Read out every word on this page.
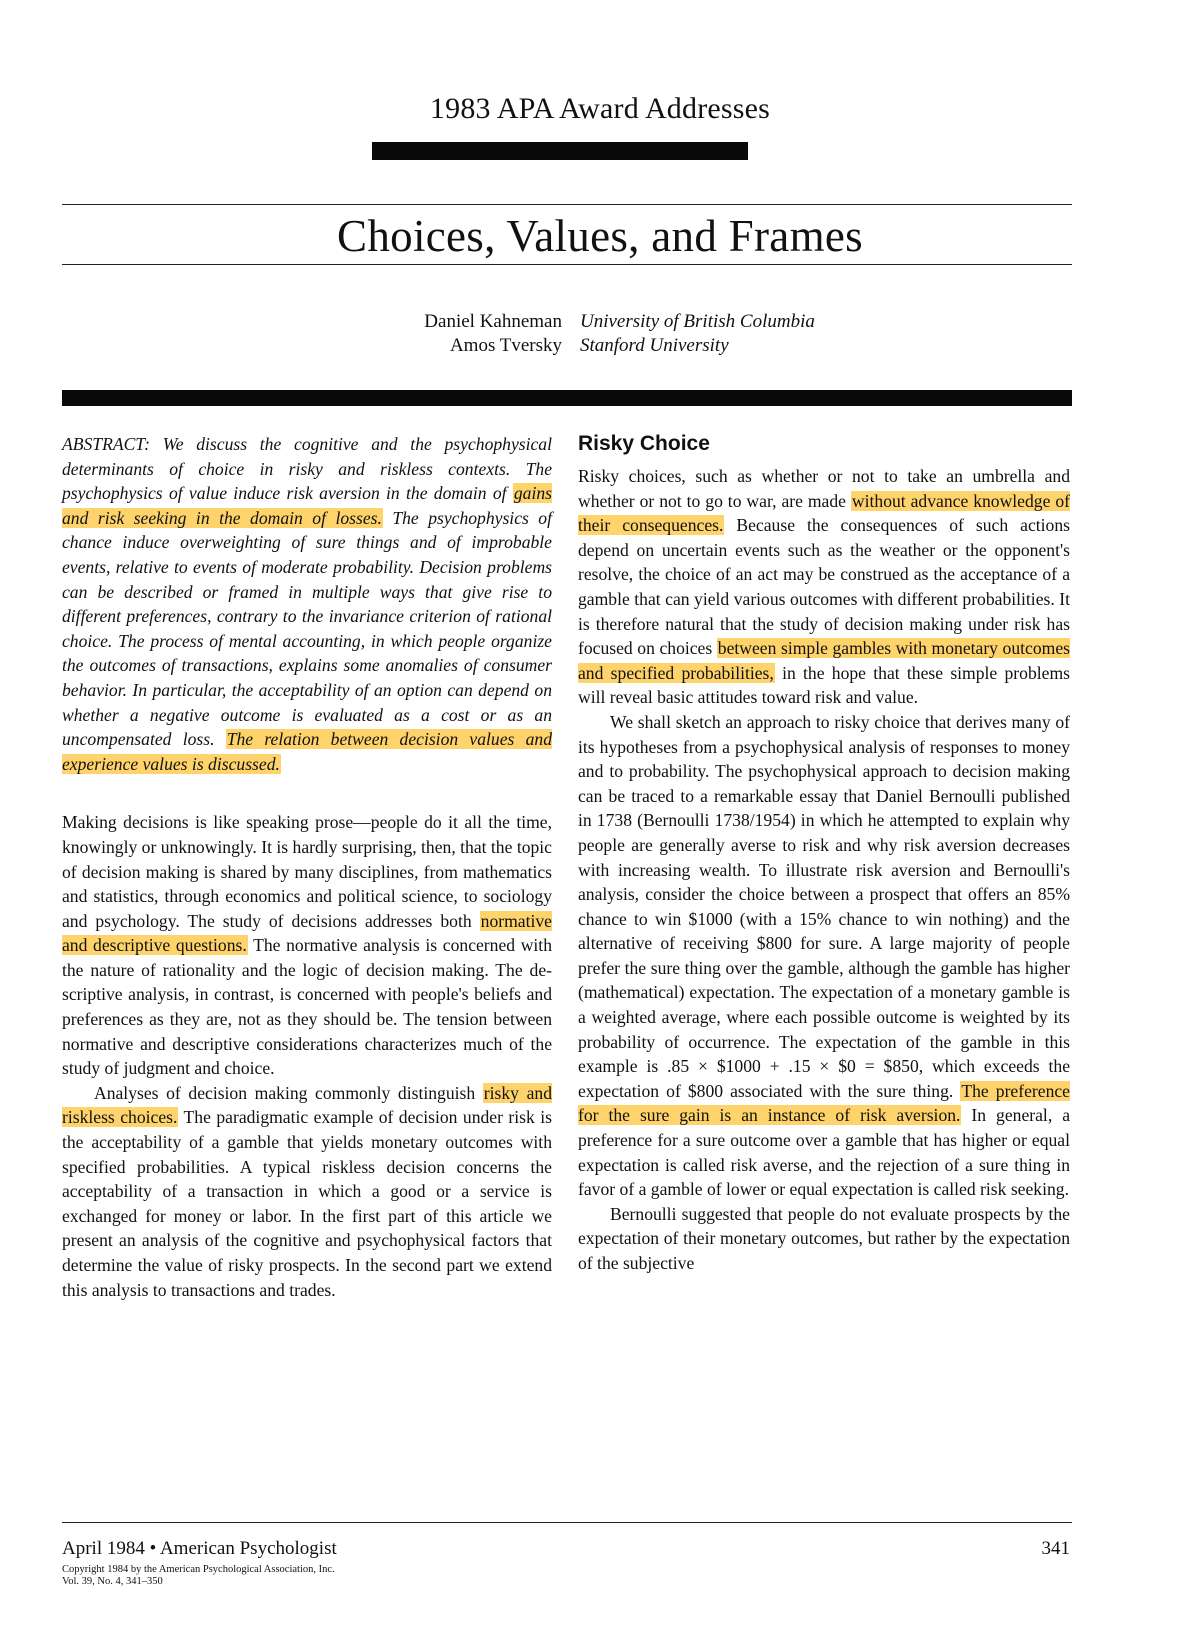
1983 APA Award Addresses
Choices, Values, and Frames
Daniel Kahneman
Amos Tversky
University of British Columbia
Stanford University

ABSTRACT: We discuss the cognitive and the psychophysical determinants of choice in risky and riskless contexts. The psychophysics of value induce risk aversion in the domain of gains and risk seeking in the domain of losses. The psychophysics of chance induce overweighting of sure things and of improbable events, relative to events of moderate probability. Decision problems can be described or framed in multiple ways that give rise to different preferences, contrary to the invariance criterion of rational choice. The process of mental accounting, in which people organize the outcomes of transactions, explains some anomalies of consumer behavior. In particular, the acceptability of an option can depend on whether a negative outcome is evaluated as a cost or as an uncompensated loss. The relation between decision values and experience values is discussed.

Making decisions is like speaking prose—people do it all the time, knowingly or unknowingly. It is hardly surprising, then, that the topic of decision making is shared by many disciplines, from mathematics and statistics, through economics and political science, to sociology and psychology. The study of decisions addresses both normative and descriptive questions. The normative analysis is concerned with the nature of rationality and the logic of decision making. The descriptive analysis, in contrast, is concerned with people's beliefs and preferences as they are, not as they should be. The tension between normative and descriptive considerations characterizes much of the study of judgment and choice.

Analyses of decision making commonly distinguish risky and riskless choices. The paradigmatic example of decision under risk is the acceptability of a gamble that yields monetary outcomes with specified probabilities. A typical riskless decision concerns the acceptability of a transaction in which a good or a service is exchanged for money or labor. In the first part of this article we present an analysis of the cognitive and psychophysical factors that determine the value of risky prospects. In the second part we extend this analysis to transactions and trades.

Risky Choice

Risky choices, such as whether or not to take an umbrella and whether or not to go to war, are made without advance knowledge of their consequences. Because the consequences of such actions depend on uncertain events such as the weather or the opponent's resolve, the choice of an act may be construed as the acceptance of a gamble that can yield various outcomes with different probabilities. It is therefore natural that the study of decision making under risk has focused on choices between simple gambles with monetary outcomes and specified probabilities, in the hope that these simple problems will reveal basic attitudes toward risk and value.

We shall sketch an approach to risky choice that derives many of its hypotheses from a psychophysical analysis of responses to money and to probability. The psychophysical approach to decision making can be traced to a remarkable essay that Daniel Bernoulli published in 1738 (Bernoulli 1738/1954) in which he attempted to explain why people are generally averse to risk and why risk aversion decreases with increasing wealth. To illustrate risk aversion and Bernoulli's analysis, consider the choice between a prospect that offers an 85% chance to win $1000 (with a 15% chance to win nothing) and the alternative of receiving $800 for sure. A large majority of people prefer the sure thing over the gamble, although the gamble has higher (mathematical) expectation. The expectation of a monetary gamble is a weighted average, where each possible outcome is weighted by its probability of occurrence. The expectation of the gamble in this example is .85 × $1000 + .15 × $0 = $850, which exceeds the expectation of $800 associated with the sure thing. The preference for the sure gain is an instance of risk aversion. In general, a preference for a sure outcome over a gamble that has higher or equal expectation is called risk averse, and the rejection of a sure thing in favor of a gamble of lower or equal expectation is called risk seeking.

Bernoulli suggested that people do not evaluate prospects by the expectation of their monetary outcomes, but rather by the expectation of the subjective

April 1984 • American Psychologist	341
Copyright 1984 by the American Psychological Association, Inc.
Vol. 39, No. 4, 341–350
